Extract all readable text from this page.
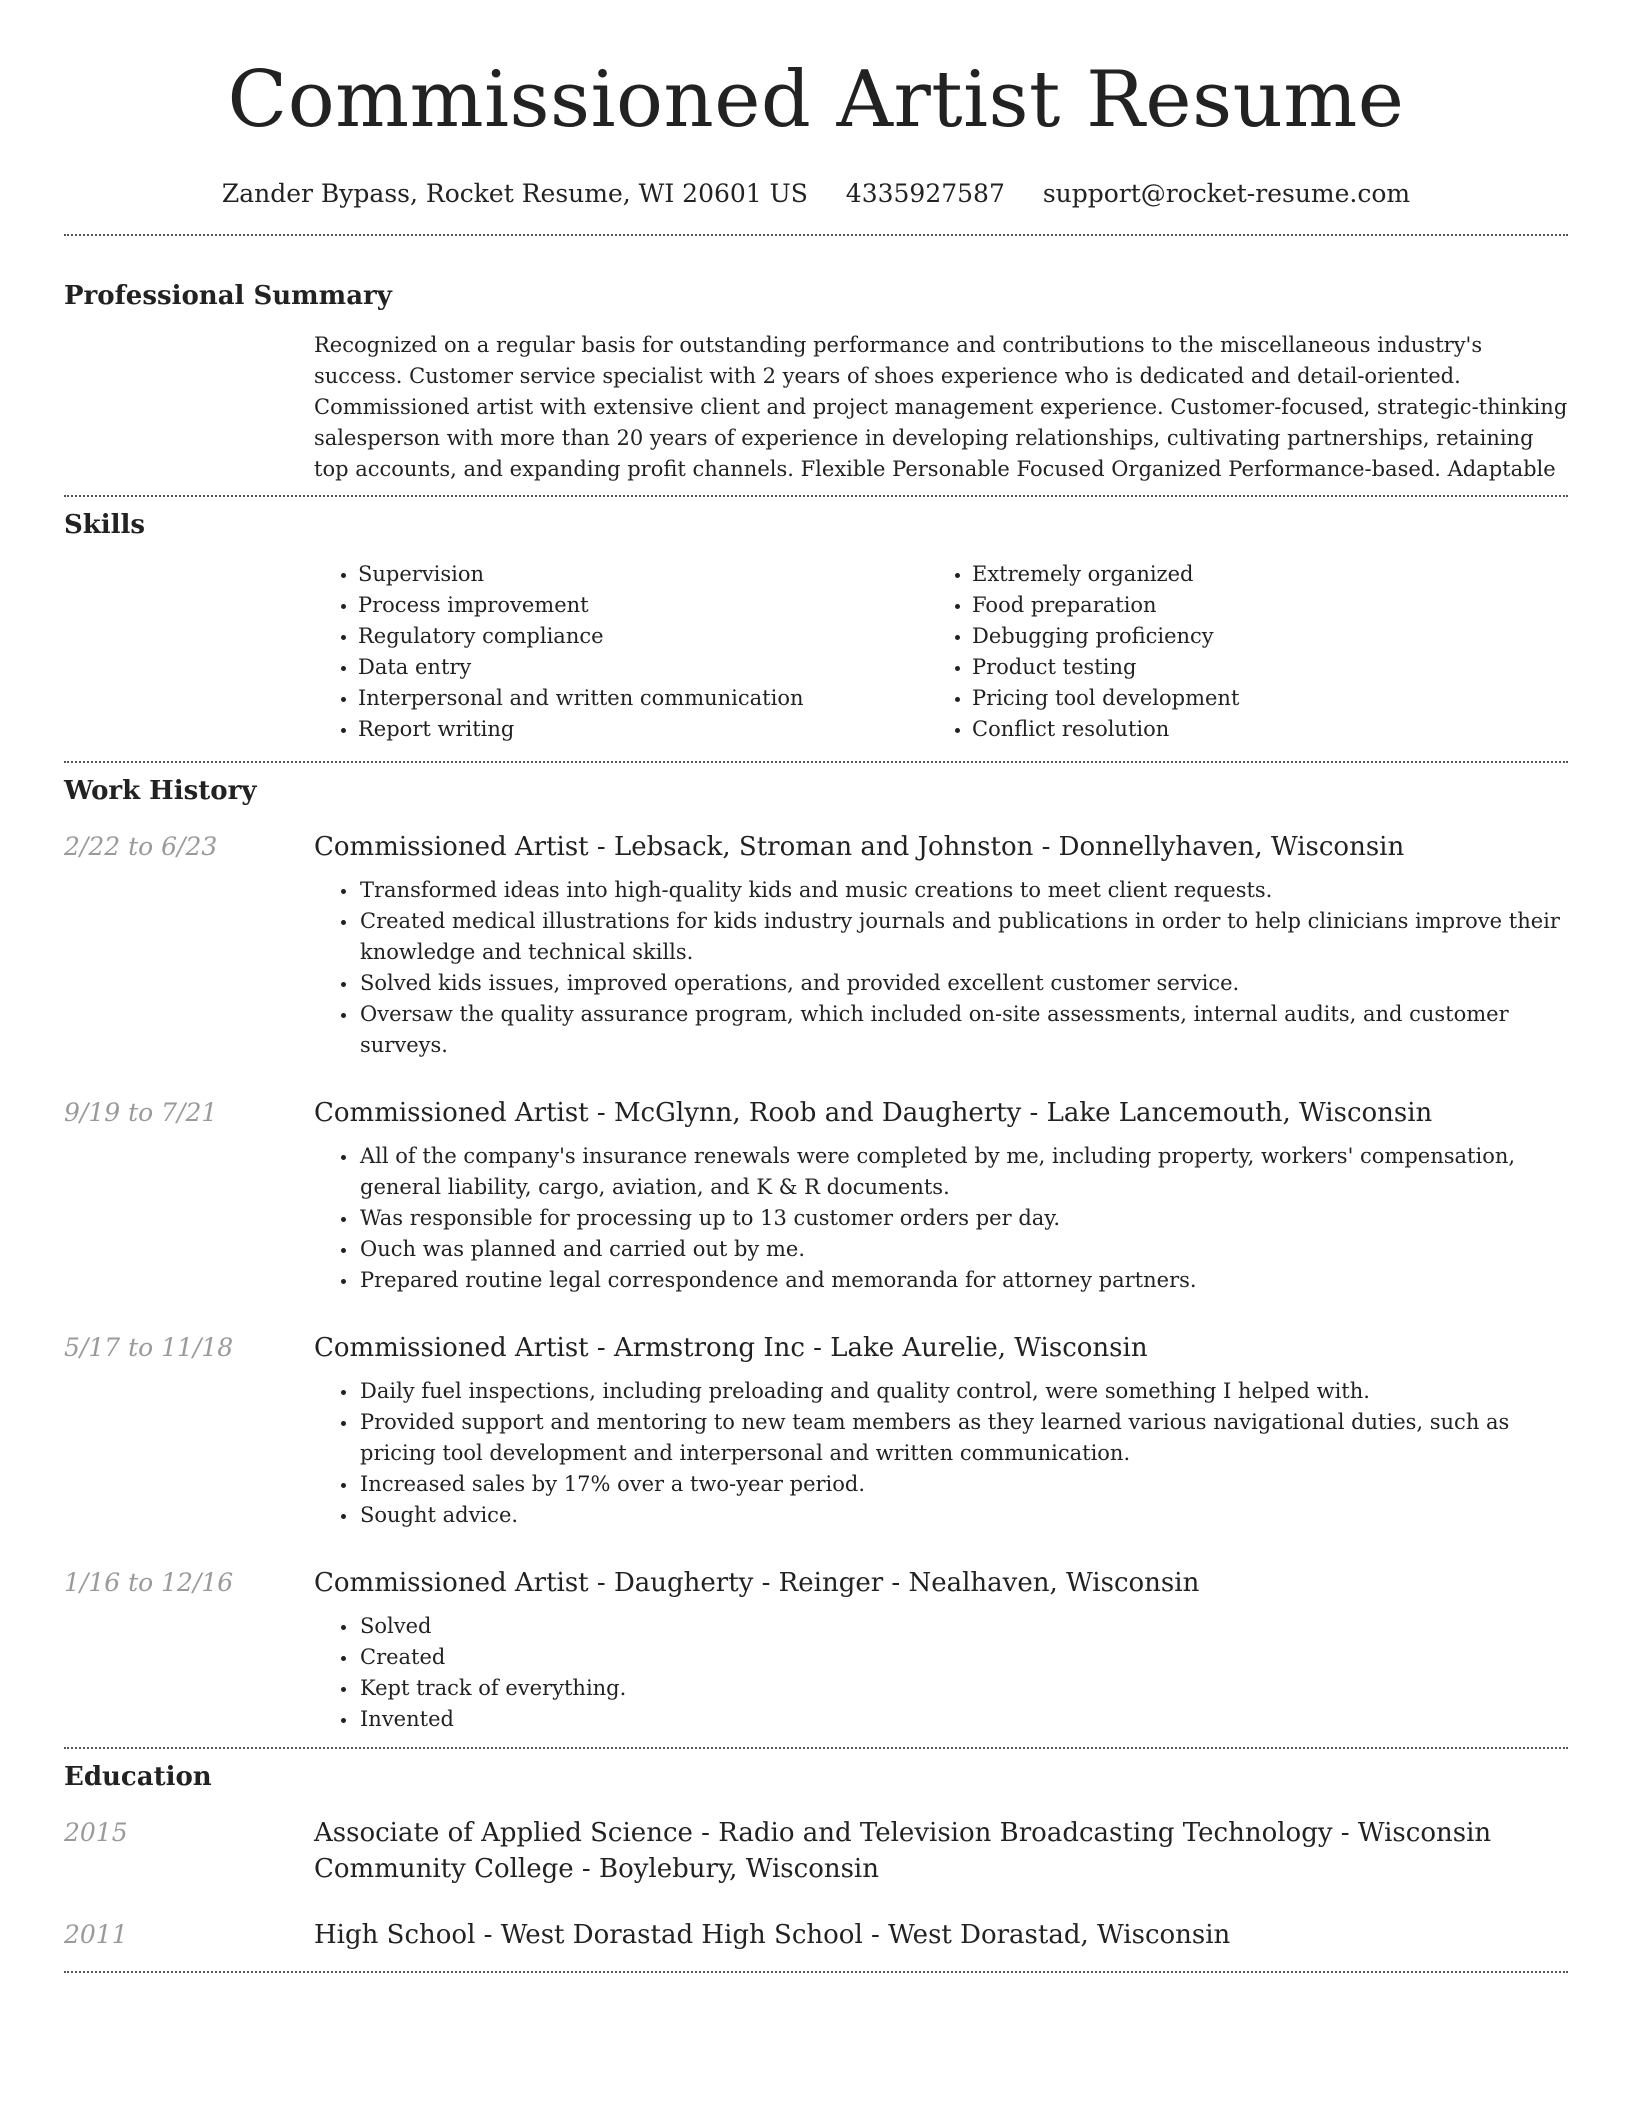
Commissioned Artist Resume
Zander Bypass, Rocket Resume, WI 20601 US 4335927587 support@rocket-resume.com
Professional Summary

Recognized on a regular basis for outstanding performance and contributions to the miscellaneous industry's success. Customer service specialist with 2 years of shoes experience who is dedicated and detail-oriented. Commissioned artist with extensive client and project management experience. Customer-focused, strategic-thinking salesperson with more than 20 years of experience in developing relationships, cultivating partnerships, retaining top accounts, and expanding profit channels. Flexible Personable Focused Organized Performance-based. Adaptable

Skills
• Supervision
• Process improvement
• Regulatory compliance
• Data entry
• Interpersonal and written communication
• Report writing
• Extremely organized
• Food preparation
• Debugging proficiency
• Product testing
• Pricing tool development
• Conflict resolution
Work History
2/22 to 6/23	Commissioned Artist - Lebsack, Stroman and Johnston - Donnellyhaven, Wisconsin
• Transformed ideas into high-quality kids and music creations to meet client requests.
• Created medical illustrations for kids industry journals and publications in order to help clinicians improve their knowledge and technical skills.
• Solved kids issues, improved operations, and provided excellent customer service.
• Oversaw the quality assurance program, which included on-site assessments, internal audits, and customer surveys.
9/19 to 7/21	Commissioned Artist - McGlynn, Roob and Daugherty - Lake Lancemouth, Wisconsin
• All of the company's insurance renewals were completed by me, including property, workers' compensation, general liability, cargo, aviation, and K & R documents.
• Was responsible for processing up to 13 customer orders per day.
• Ouch was planned and carried out by me.
• Prepared routine legal correspondence and memoranda for attorney partners.
5/17 to 11/18	Commissioned Artist - Armstrong Inc - Lake Aurelie, Wisconsin
• Daily fuel inspections, including preloading and quality control, were something I helped with.
• Provided support and mentoring to new team members as they learned various navigational duties, such as pricing tool development and interpersonal and written communication.
• Increased sales by 17% over a two-year period.
• Sought advice.
1/16 to 12/16	Commissioned Artist - Daugherty - Reinger - Nealhaven, Wisconsin
• Solved
• Created
• Kept track of everything.
• Invented
Education
2015	Associate of Applied Science - Radio and Television Broadcasting Technology - Wisconsin Community College - Boylebury, Wisconsin
2011	High School - West Dorastad High School - West Dorastad, Wisconsin
